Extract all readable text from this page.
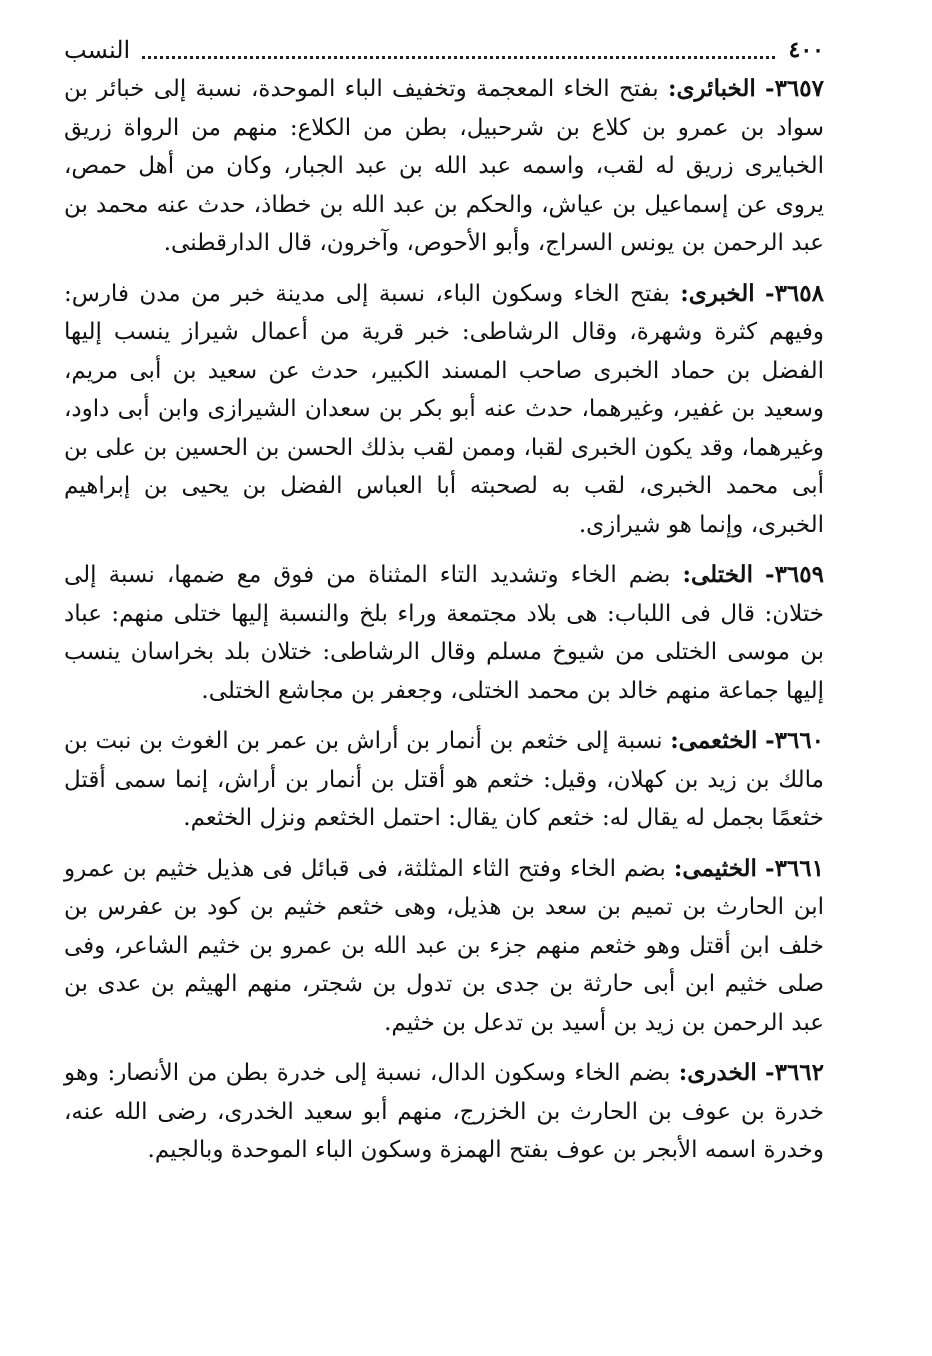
٤٠٠
النسب

٣٦٥٧- الخبائرى: بفتح الخاء المعجمة وتخفيف الباء الموحدة، نسبة إلى خبائر بن سواد بن عمرو بن كلاع بن شرحبيل، بطن من الكلاع: منهم من الرواة زريق الخبايرى زريق له لقب، واسمه عبد الله بن عبد الجبار، وكان من أهل حمص، يروى عن إسماعيل بن عياش، والحكم بن عبد الله بن خطاذ، حدث عنه محمد بن عبد الرحمن بن يونس السراج، وأبو الأحوص، وآخرون، قال الدارقطنى.

٣٦٥٨- الخبرى: بفتح الخاء وسكون الباء، نسبة إلى مدينة خبر من مدن فارس: وفيهم كثرة وشهرة، وقال الرشاطى: خبر قرية من أعمال شيراز ينسب إليها الفضل بن حماد الخبرى صاحب المسند الكبير، حدث عن سعيد بن أبى مريم، وسعيد بن غفير، وغيرهما، حدث عنه أبو بكر بن سعدان الشيرازى وابن أبى داود، وغيرهما، وقد يكون الخبرى لقبا، وممن لقب بذلك الحسن بن الحسين بن على بن أبى محمد الخبرى، لقب به لصحبته أبا العباس الفضل بن يحيى بن إبراهيم الخبرى، وإنما هو شيرازى.

٣٦٥٩- الختلى: بضم الخاء وتشديد التاء المثناة من فوق مع ضمها، نسبة إلى ختلان: قال فى اللباب: هى بلاد مجتمعة وراء بلخ والنسبة إليها ختلى منهم: عباد بن موسى الختلى من شيوخ مسلم وقال الرشاطى: ختلان بلد بخراسان ينسب إليها جماعة منهم خالد بن محمد الختلى، وجعفر بن مجاشع الختلى.

٣٦٦٠- الخثعمى: نسبة إلى خثعم بن أنمار بن أراش بن عمر بن الغوث بن نبت بن مالك بن زيد بن كهلان، وقيل: خثعم هو أقتل بن أنمار بن أراش، إنما سمى أقتل خثعمًا بجمل له يقال له: خثعم كان يقال: احتمل الخثعم ونزل الخثعم.

٣٦٦١- الخثيمى: بضم الخاء وفتح الثاء المثلثة، فى قبائل فى هذيل خثيم بن عمرو ابن الحارث بن تميم بن سعد بن هذيل، وهى خثعم خثيم بن كود بن عفرس بن خلف ابن أقتل وهو خثعم منهم جزء بن عبد الله بن عمرو بن خثيم الشاعر، وفى صلى خثيم ابن أبى حارثة بن جدى بن تدول بن شجتر، منهم الهيثم بن عدى بن عبد الرحمن بن زيد بن أسيد بن تدعل بن خثيم.

٣٦٦٢- الخدرى: بضم الخاء وسكون الدال، نسبة إلى خدرة بطن من الأنصار: وهو خدرة بن عوف بن الحارث بن الخزرج، منهم أبو سعيد الخدرى، رضى الله عنه، وخدرة اسمه الأبجر بن عوف بفتح الهمزة وسكون الباء الموحدة وبالجيم.
